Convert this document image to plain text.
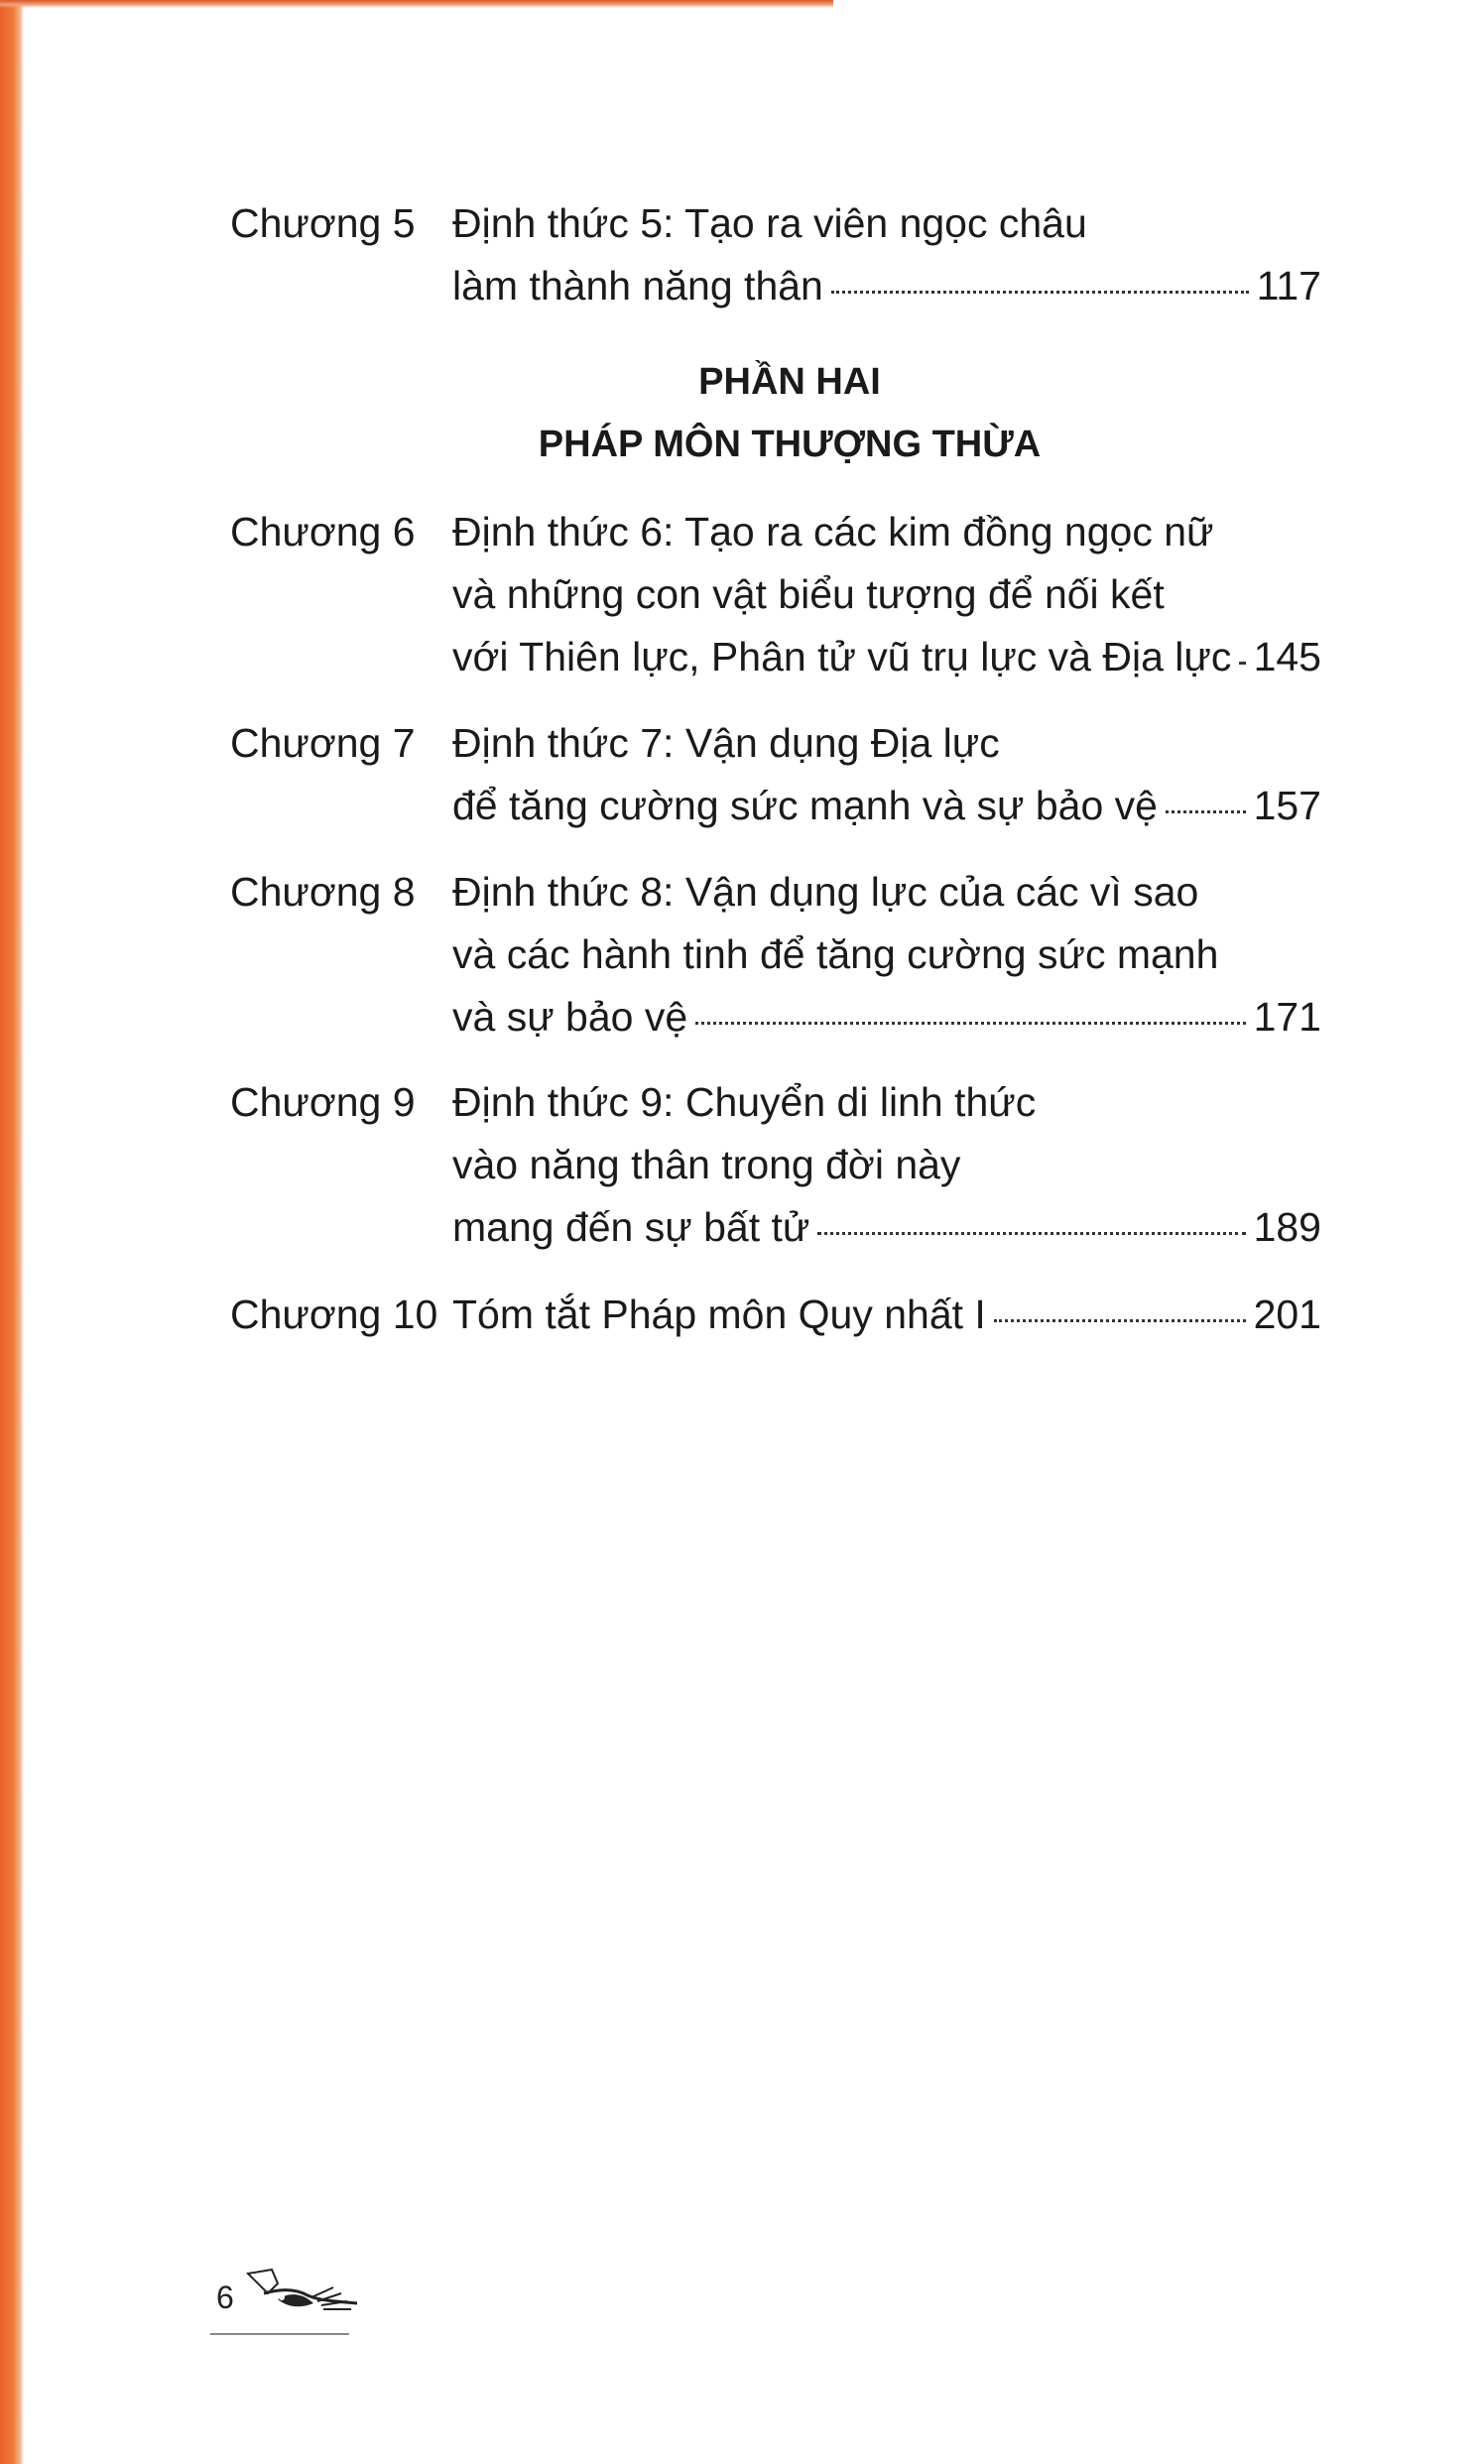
Chương 5 Định thức 5: Tạo ra viên ngọc châu
làm thành năng thân	117
PHẦN HAI
PHÁP MÔN THƯỢNG THỪA
Chương 6 Định thức 6: Tạo ra các kim đồng ngọc nữ
và những con vật biểu tượng để nối kết
với Thiên lực, Phân tử vũ trụ lực và Địa lực 145
Chương 7 Định thức 7: Vận dụng Địa lực
để tăng cường sức mạnh và sự bảo vệ 157
Chương 8 Định thức 8: Vận dụng lực của các vì sao
và các hành tinh để tăng cường sức mạnh
và sự bảo vệ	171
Chương 9 Định thức 9: Chuyển di linh thức
vào năng thân trong đời này
mang đến sự bất tử	189
Chương 10 Tóm tắt Pháp môn Quy nhất I	201
6
